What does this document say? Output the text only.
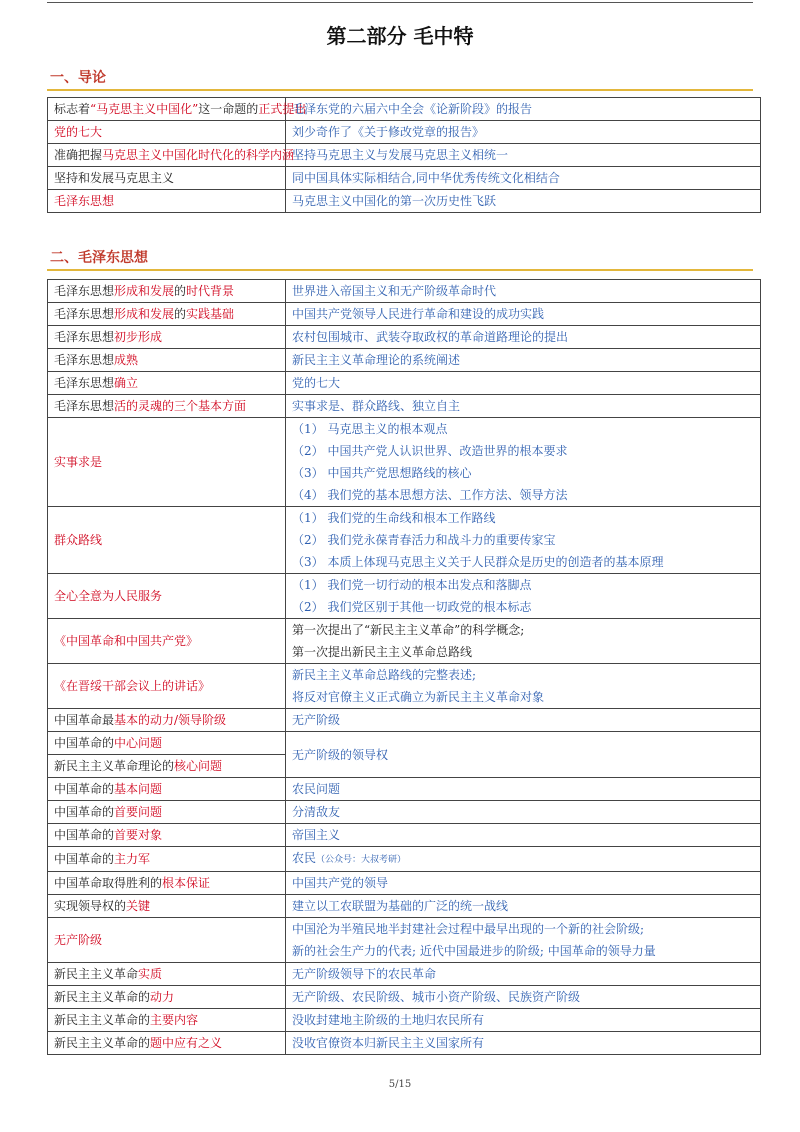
第二部分 毛中特
一、导论
标志着“马克思主义中国化”这一命题的正式提出	毛泽东党的六届六中全会《论新阶段》的报告
党的七大	刘少奇作了《关于修改党章的报告》
准确把握马克思主义中国化时代化的科学内涵	坚持马克思主义与发展马克思主义相统一
坚持和发展马克思主义	同中国具体实际相结合,同中华优秀传统文化相结合
毛泽东思想	马克思主义中国化的第一次历史性飞跃
二、毛泽东思想
毛泽东思想形成和发展的时代背景	世界进入帝国主义和无产阶级革命时代
毛泽东思想形成和发展的实践基础	中国共产党领导人民进行革命和建设的成功实践
毛泽东思想初步形成	农村包围城市、武装夺取政权的革命道路理论的提出
毛泽东思想成熟	新民主主义革命理论的系统阐述
毛泽东思想确立	党的七大
毛泽东思想活的灵魂的三个基本方面	实事求是、群众路线、独立自主
实事求是	（1） 马克思主义的根本观点
（2） 中国共产党人认识世界、改造世界的根本要求
（3） 中国共产党思想路线的核心
（4） 我们党的基本思想方法、工作方法、领导方法

群众路线	（1） 我们党的生命线和根本工作路线
（2） 我们党永葆青春活力和战斗力的重要传家宝
（3） 本质上体现马克思主义关于人民群众是历史的创造者的基本原理

全心全意为人民服务	（1） 我们党一切行动的根本出发点和落脚点
（2） 我们党区别于其他一切政党的根本标志

《中国革命和中国共产党》	第一次提出了“新民主主义革命”的科学概念;
第一次提出新民主主义革命总路线

《在晋绥干部会议上的讲话》	新民主主义革命总路线的完整表述;
将反对官僚主义正式确立为新民主主义革命对象

中国革命最基本的动力/领导阶级	无产阶级
中国革命的中心问题	无产阶级的领导权
新民主主义革命理论的核心问题	
中国革命的基本问题	农民问题
中国革命的首要问题	分清敌友
中国革命的首要对象	帝国主义
中国革命的主力军	农民（公众号：大叔考研）
中国革命取得胜利的根本保证	中国共产党的领导
实现领导权的关键	建立以工农联盟为基础的广泛的统一战线
无产阶级	中国沦为半殖民地半封建社会过程中最早出现的一个新的社会阶级;
新的社会生产力的代表; 近代中国最进步的阶级; 中国革命的领导力量

新民主主义革命实质	无产阶级领导下的农民革命
新民主主义革命的动力	无产阶级、农民阶级、城市小资产阶级、民族资产阶级
新民主主义革命的主要内容	没收封建地主阶级的土地归农民所有
新民主主义革命的题中应有之义	没收官僚资本归新民主主义国家所有
5/15
